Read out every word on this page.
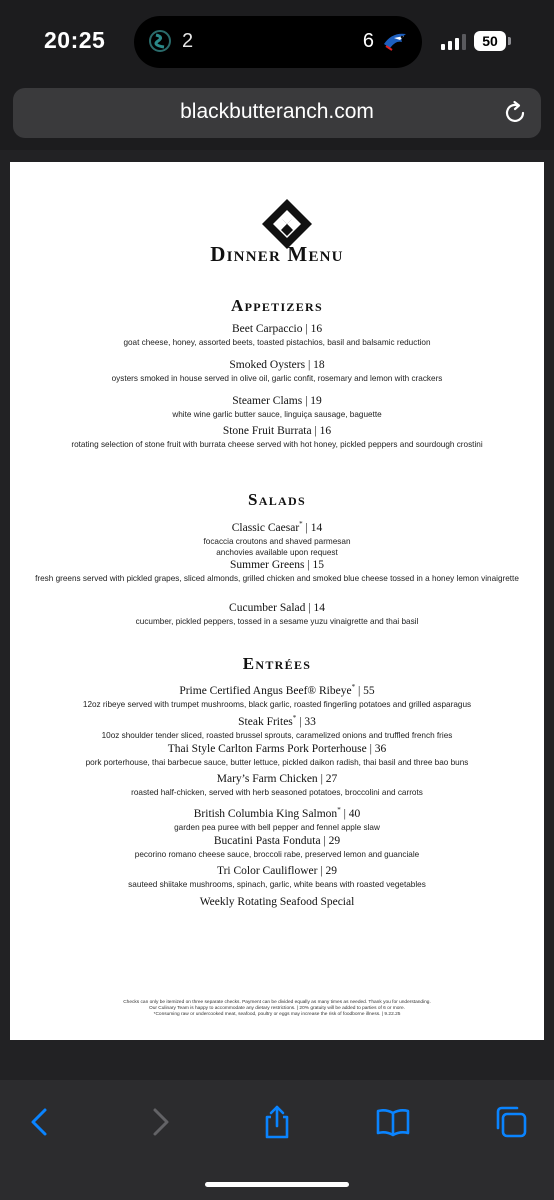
20:25	2	6	50
blackbutteranch.com
Dinner Menu
Appetizers
Beet Carpaccio | 16
goat cheese, honey, assorted beets, toasted pistachios, basil and balsamic reduction
Smoked Oysters | 18
oysters smoked in house served in olive oil, garlic confit, rosemary and lemon with crackers
Steamer Clams | 19
white wine garlic butter sauce, linguiça sausage, baguette
Stone Fruit Burrata | 16
rotating selection of stone fruit with burrata cheese served with hot honey, pickled peppers and sourdough crostini
Salads
Classic Caesar* | 14
focaccia croutons and shaved parmesan
anchovies available upon request
Summer Greens | 15
fresh greens served with pickled grapes, sliced almonds, grilled chicken and smoked blue cheese tossed in a honey lemon vinaigrette
Cucumber Salad | 14
cucumber, pickled peppers, tossed in a sesame yuzu vinaigrette and thai basil
Entrées
Prime Certified Angus Beef® Ribeye* | 55
12oz ribeye served with trumpet mushrooms, black garlic, roasted fingerling potatoes and grilled asparagus
Steak Frites* | 33
10oz shoulder tender sliced, roasted brussel sprouts, caramelized onions and truffled french fries
Thai Style Carlton Farms Pork Porterhouse | 36
pork porterhouse, thai barbecue sauce, butter lettuce, pickled daikon radish, thai basil and three bao buns
Mary’s Farm Chicken | 27
roasted half-chicken, served with herb seasoned potatoes, broccolini and carrots
British Columbia King Salmon* | 40
garden pea puree with bell pepper and fennel apple slaw
Bucatini Pasta Fonduta | 29
pecorino romano cheese sauce, broccoli rabe, preserved lemon and guanciale
Tri Color Cauliflower | 29
sauteed shiitake mushrooms, spinach, garlic, white beans with roasted vegetables
Weekly Rotating Seafood Special
Checks can only be itemized on three separate checks. Payment can be divided equally as many times as needed. Thank you for understanding.
Our Culinary Team is happy to accommodate any dietary restrictions. | 20% gratuity will be added to parties of 6 or more.
*Consuming raw or undercooked meat, seafood, poultry or eggs may increase the risk of foodborne illness. | 9.22.25
